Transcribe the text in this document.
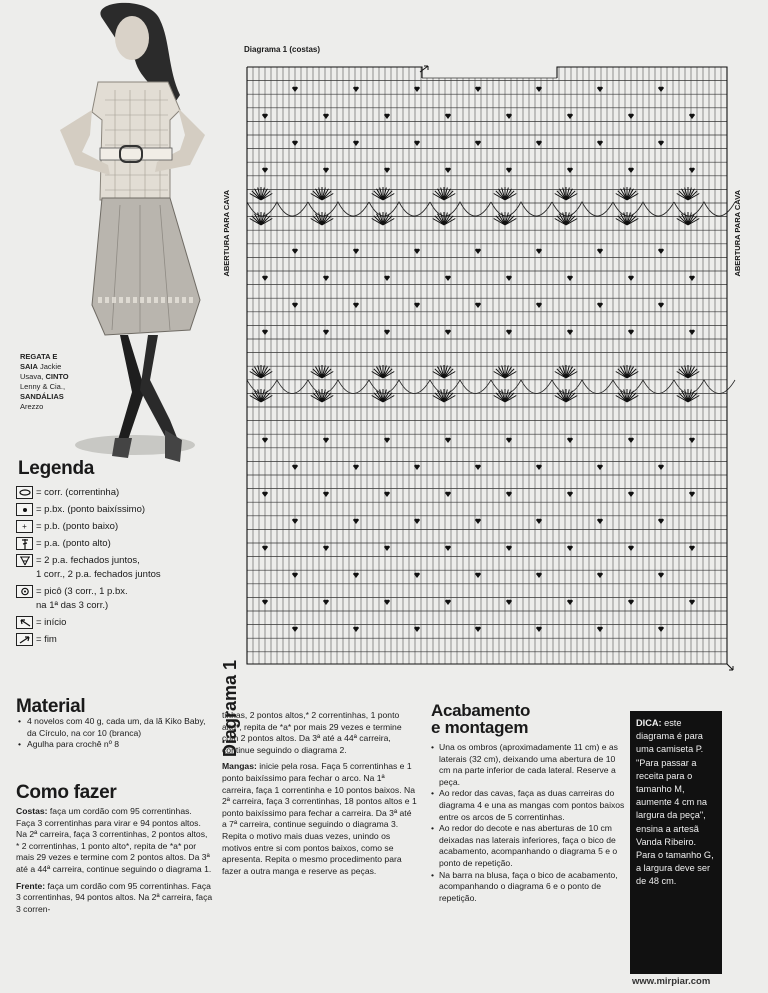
REGATA E
SAIA Jackie
Usava, CINTO
Lenny & Cia.,
SANDÁLIAS
Arezzo
Legenda
= corr. (correntinha)
= p.bx. (ponto baixíssimo)
+ = p.b. (ponto baixo)
= p.a. (ponto alto)
= 2 p.a. fechados juntos,
1 corr., 2 p.a. fechados juntos
= picô (3 corr., 1 p.bx.
na 1ª das 3 corr.)
= início
= fim
Diagrama 1 (costas)
ABERTURA PARA CAVA	ABERTURA PARA CAVA
Diagrama 1
Material
• 4 novelos com 40 g, cada um, da lã Kiko Baby, da Círculo, na cor 10 (branca)
• Agulha para crochê nº 8
Como fazer

Costas: faça um cordão com 95 correntinhas. Faça 3 correntinhas para virar e 94 pontos altos. Na 2ª carreira, faça 3 correntinhas, 2 pontos altos, * 2 correntinhas, 1 ponto alto*, repita de *a* por mais 29 vezes e termine com 2 pontos altos. Da 3ª até a 44ª carreira, continue seguindo o diagrama 1.

Frente: faça um cordão com 95 correntinhas. Faça 3 correntinhas, 94 pontos altos. Na 2ª carreira, faça 3 corren-

tinhas, 2 pontos altos,* 2 correntinhas, 1 ponto alto*, repita de *a* por mais 29 vezes e termine com 2 pontos altos. Da 3ª até a 44ª carreira, continue seguindo o diagrama 2.

Mangas: inicie pela rosa. Faça 5 correntinhas e 1 ponto baixíssimo para fechar o arco. Na 1ª carreira, faça 1 correntinha e 10 pontos baixos. Na 2ª carreira, faça 3 correntinhas, 18 pontos altos e 1 ponto baixíssimo para fechar a carreira. Da 3ª até a 7ª carreira, continue seguindo o diagrama 3. Repita o motivo mais duas vezes, unindo os motivos entre si com pontos baixos, como se apresenta. Repita o mesmo procedimento para fazer a outra manga e reserve as peças.

Acabamento
e montagem
• Una os ombros (aproximadamente 11 cm) e as laterais (32 cm), deixando uma abertura de 10 cm na parte inferior de cada lateral. Reserve a peça.
• Ao redor das cavas, faça as duas carreiras do diagrama 4 e una as mangas com pontos baixos entre os arcos de 5 correntinhas.
• Ao redor do decote e nas aberturas de 10 cm deixadas nas laterais inferiores, faça o bico de acabamento, acompanhando o diagrama 5 e o ponto de repetição.
• Na barra na blusa, faça o bico de acabamento, acompanhando o diagrama 6 e o ponto de repetição.
DICA: este diagrama é para uma camiseta P. "Para passar a receita para o tamanho M, aumente 4 cm na largura da peça", ensina a artesã Vanda Ribeiro. Para o tamanho G, a largura deve ser de 48 cm.
www.mirpiar.com
